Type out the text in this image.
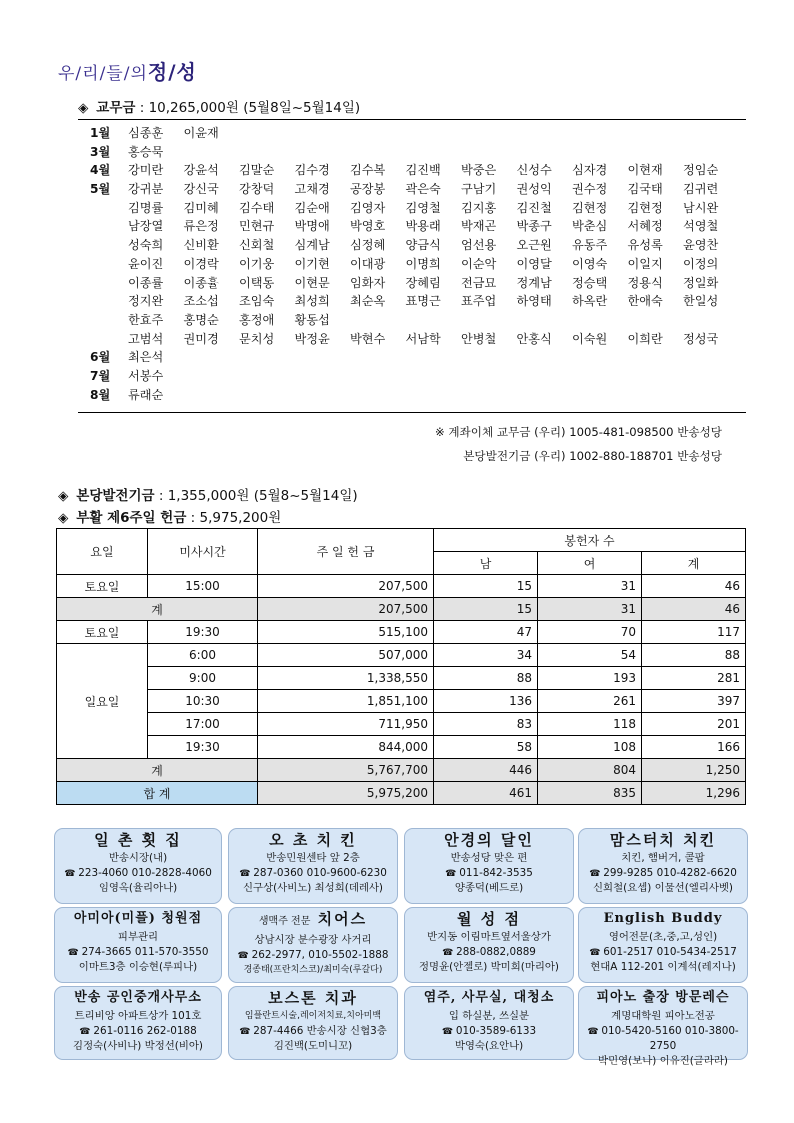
우/리/들/의정/성
◈ 교무금 : 10,265,000원 (5월8일~5월14일)
1월	심종훈 이윤재
3월	홍승묵
4월	강미란 강윤석 김말순 김수경 김수복 김진백 박중은 신성수 심자경 이현재 정임순
5월	강귀분 강신국 강창덕 고채경 공장봉 곽은숙 구남기 권성익 권수정 김국태 김귀련
김명률 김미혜 김수태 김순애 김영자 김영철 김지홍 김진철 김현정 김현정 남시완
남장열 류은정 민현규 박명애 박영호 박용래 박재곤 박종구 박춘심 서혜정 석영철
성숙희 신비환 신회철 심계남 심정혜 양금식 엄선용 오근원 유동주 유성록 윤영찬
윤이진 이경락 이기웅 이기현 이대광 이명희 이순악 이영달 이영숙 이일지 이정의
이종률 이종휼 이택동 이현문 임화자 장혜림 전금묘 정계남 정승택 정용식 정일화
정지완 조소섭 조임숙 최성희 최순옥 표명근 표주업 하영태 하옥란 한애숙 한일성
한효주 홍명순 홍정애 황동섭
고범석 권미경 문치성 박정윤 박현수 서남학 안병철 안홍식 이숙원 이희란 정성국
6월	최은석
7월	서봉수
8월	류래순
※ 계좌이체 교무금 (우리) 1005-481-098500 반송성당
본당발전기금 (우리) 1002-880-188701 반송성당
◈ 본당발전기금 : 1,355,000원 (5월8~5월14일)
◈ 부활 제6주일 헌금 : 5,975,200원
요일	미사시간	주 일 헌 금	봉헌자 수		
			남	여	계
토요일	15:00	207,500	15	31	46
계		207,500	15	31	46
토요일	19:30	515,100	47	70	117
일요일	6:00	507,000	34	54	88
	9:00	1,338,550	88	193	281
	10:30	1,851,100	136	261	397
	17:00	711,950	83	118	201
	19:30	844,000	58	108	166
계		5,767,700	446	804	1,250
합 계		5,975,200	461	835	1,296
일 촌 횟 집
반송시장(내)
☎ 223-4060 010-2828-4060
임영옥(율리아나)
오 초 치 킨
반송민원센타 앞 2층
☎ 287-0360 010-9600-6230
신구상(사비노) 최성희(데레사)
안경의 달인
반송성당 맞은 편
☎ 011-842-3535
양종덕(베드로)
맘스터치 치킨
치킨, 햄버거, 콜팝
☎ 299-9285 010-4282-6620
신희철(요셉) 이물선(엘리사벳)
아미아(미플) 청원점
피부관리
☎ 274-3665 011-570-3550
이마트3층 이승현(루피나)
생맥주 전문 치어스
상남시장 분수광장 사거리
☎ 262-2977, 010-5502-1888
경종태(프란치스코)/최미숙(루갈다)
월 성 점
반지동 이림마트옆서울상가
☎ 288-0882,0889
정명윤(안젤로) 박미희(마리아)
English Buddy
영어전문(초,중,고,성인)
☎ 601-2517 010-5434-2517
현대A 112-201 이계석(레지나)
반송 공인중개사무소
트리비앙 아파트상가 101호
☎ 261-0116 262-0188
김정숙(사비나) 박정선(비아)
보스톤 치과
임플란트시술,레이저치료,치아미백
☎ 287-4466 반송시장 신협3층
김진백(도미니꼬)
염주, 사무실, 대청소
입 하실분, 쓰실분
☎ 010-3589-6133
박영숙(요안나)
피아노 출장 방문레슨
계명대학원 피아노전공
☎ 010-5420-5160 010-3800-2750
박민영(보나) 이유진(글라라)
